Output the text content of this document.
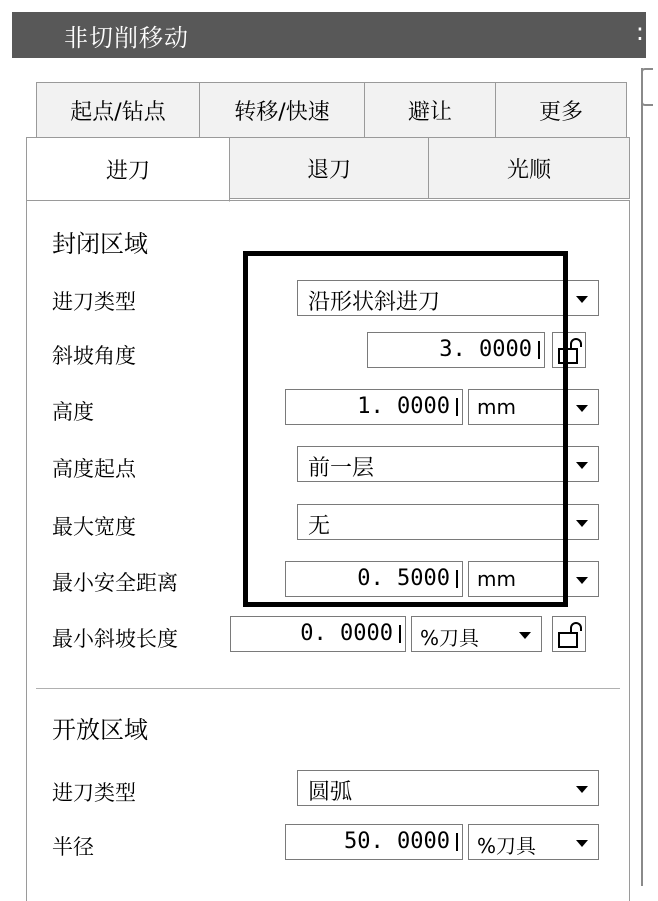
非切削移动	:
起点/钻点	转移/快速	避让	更多
进刀	退刀	光顺
封闭区域
进刀类型	沿形状斜进刀
斜坡角度	3. 0000
高度	1. 0000 mm
高度起点	前一层
最大宽度	无
最小安全距离	0. 5000 mm
最小斜坡长度	0. 0000 %刀具
开放区域
进刀类型	圆弧
半径	50. 0000 %刀具
